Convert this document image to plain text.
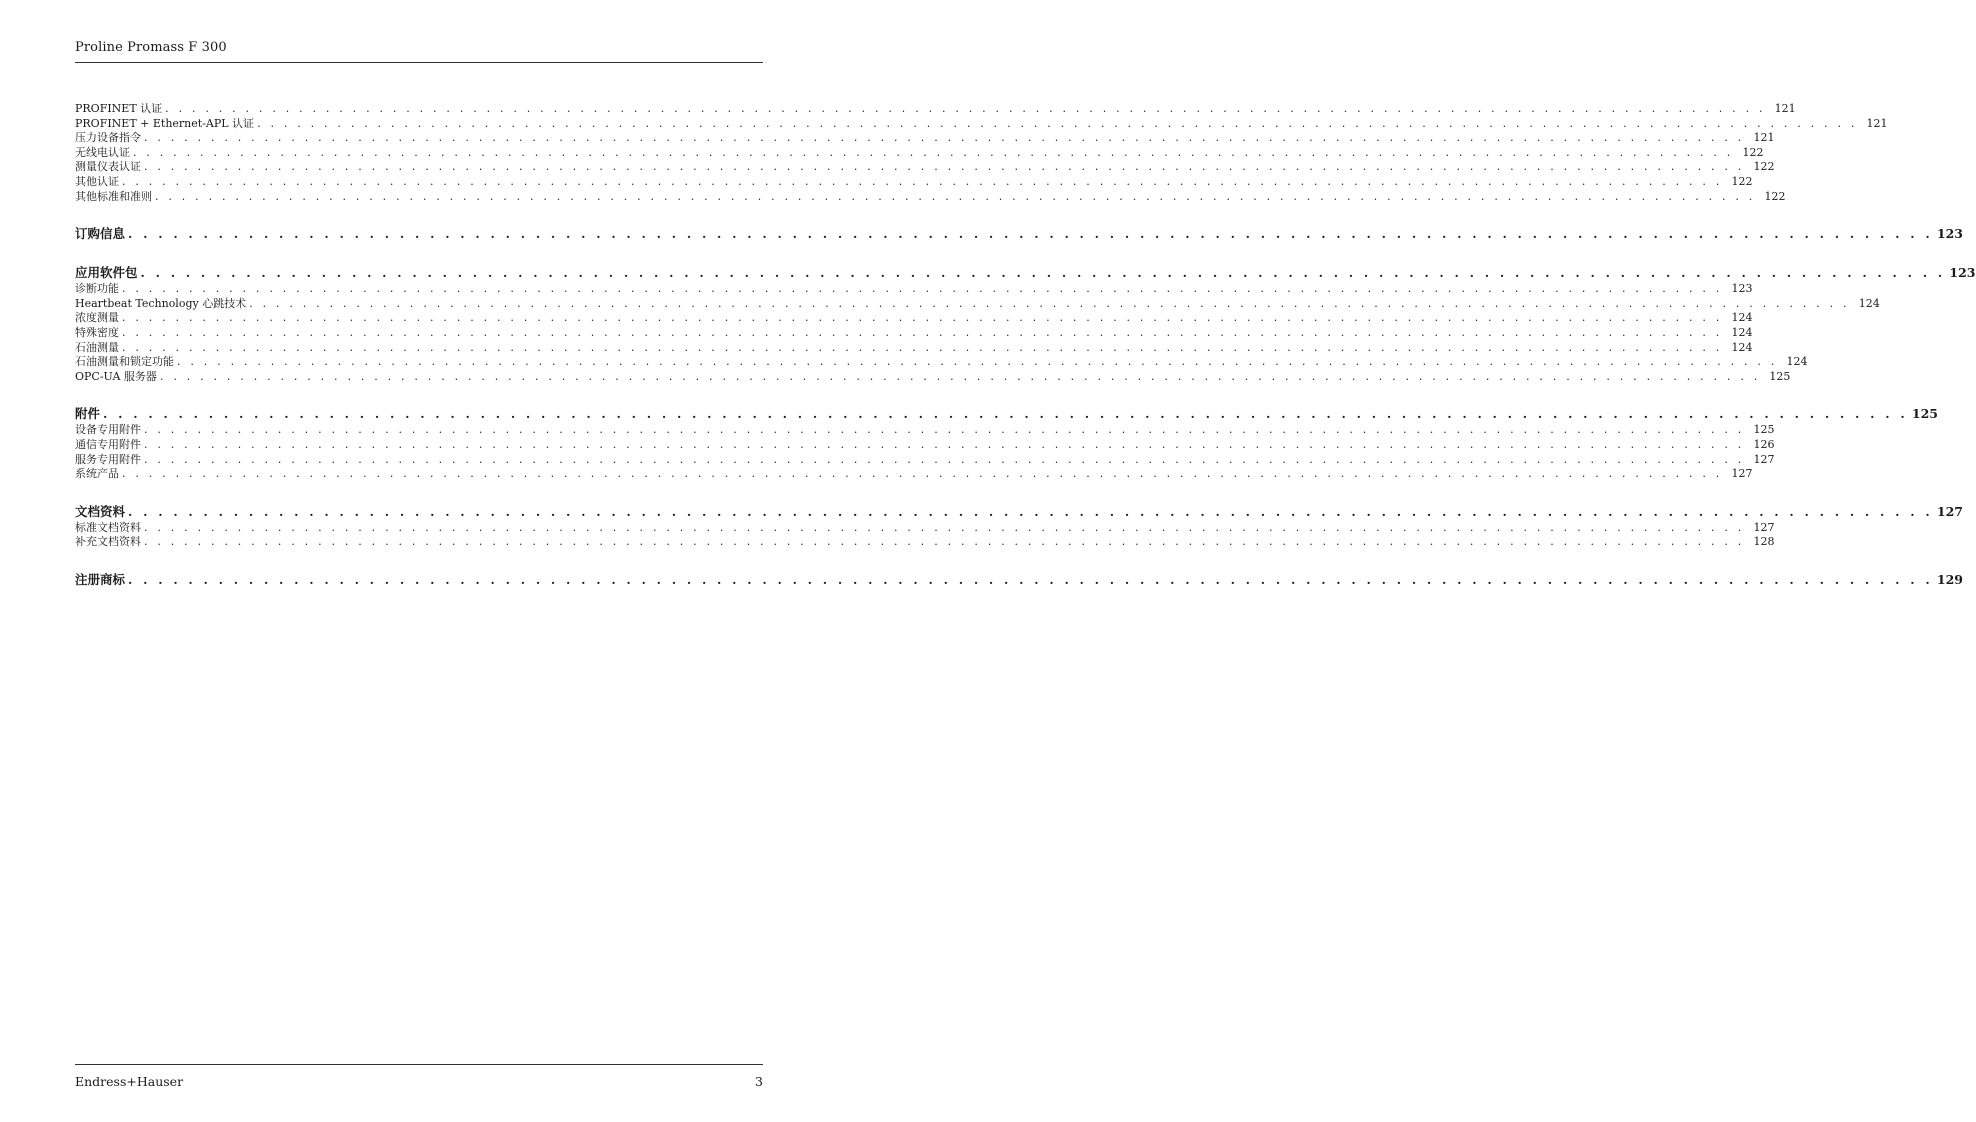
Proline Promass F 300
PROFINET 认证 . . . . . . . . . . . . . . . . . . . . . . . . . . . . . . . . . . . . . . . . . . . . . . . . . . . . . . . . . . . . . . . . . . . . . . . . . . . . . . . . . . . . . . . . . . . . . . . . . . . . . . . . . . . . . . . . . . . . . . . . 121
PROFINET + Ethernet-APL 认证 . . . . . . . . . . . . . . . . . . . . . . . . . . . . . . . . . . . . . . . . . . . . . . . . . . . . . . . . . . . . . . . . . . . . . . . . . . . . . . . . . . . . . . . . . . . . . . . . . . . . . . . . . . . . . . . . . . . . . . . . 121
压力设备指令 . . . . . . . . . . . . . . . . . . . . . . . . . . . . . . . . . . . . . . . . . . . . . . . . . . . . . . . . . . . . . . . . . . . . . . . . . . . . . . . . . . . . . . . . . . . . . . . . . . . . . . . . . . . . . . . . . . . . . . . . 121
无线电认证 . . . . . . . . . . . . . . . . . . . . . . . . . . . . . . . . . . . . . . . . . . . . . . . . . . . . . . . . . . . . . . . . . . . . . . . . . . . . . . . . . . . . . . . . . . . . . . . . . . . . . . . . . . . . . . . . . . . . . . . . 122
测量仪表认证 . . . . . . . . . . . . . . . . . . . . . . . . . . . . . . . . . . . . . . . . . . . . . . . . . . . . . . . . . . . . . . . . . . . . . . . . . . . . . . . . . . . . . . . . . . . . . . . . . . . . . . . . . . . . . . . . . . . . . . . . 122
其他认证 . . . . . . . . . . . . . . . . . . . . . . . . . . . . . . . . . . . . . . . . . . . . . . . . . . . . . . . . . . . . . . . . . . . . . . . . . . . . . . . . . . . . . . . . . . . . . . . . . . . . . . . . . . . . . . . . . . . . . . . . 122
其他标准和准则 . . . . . . . . . . . . . . . . . . . . . . . . . . . . . . . . . . . . . . . . . . . . . . . . . . . . . . . . . . . . . . . . . . . . . . . . . . . . . . . . . . . . . . . . . . . . . . . . . . . . . . . . . . . . . . . . . . . . . . . . 122
订购信息 . . . . . . . . . . . . . . . . . . . . . . . . . . . . . . . . . . . . . . . . . . . . . . . . . . . . . . . . . . . . . . . . . . . . . . . . . . . . . . . . . . . . . . . . . . . . . . . . . . . . . . . . . . . . . . . . . . . . . . . . 123
应用软件包 . . . . . . . . . . . . . . . . . . . . . . . . . . . . . . . . . . . . . . . . . . . . . . . . . . . . . . . . . . . . . . . . . . . . . . . . . . . . . . . . . . . . . . . . . . . . . . . . . . . . . . . . . . . . . . . . . . . . . . . . 123
诊断功能 . . . . . . . . . . . . . . . . . . . . . . . . . . . . . . . . . . . . . . . . . . . . . . . . . . . . . . . . . . . . . . . . . . . . . . . . . . . . . . . . . . . . . . . . . . . . . . . . . . . . . . . . . . . . . . . . . . . . . . . . 123
Heartbeat Technology 心跳技术 . . . . . . . . . . . . . . . . . . . . . . . . . . . . . . . . . . . . . . . . . . . . . . . . . . . . . . . . . . . . . . . . . . . . . . . . . . . . . . . . . . . . . . . . . . . . . . . . . . . . . . . . . . . . . . . . . . . . . . . . 124
浓度测量 . . . . . . . . . . . . . . . . . . . . . . . . . . . . . . . . . . . . . . . . . . . . . . . . . . . . . . . . . . . . . . . . . . . . . . . . . . . . . . . . . . . . . . . . . . . . . . . . . . . . . . . . . . . . . . . . . . . . . . . . 124
特殊密度 . . . . . . . . . . . . . . . . . . . . . . . . . . . . . . . . . . . . . . . . . . . . . . . . . . . . . . . . . . . . . . . . . . . . . . . . . . . . . . . . . . . . . . . . . . . . . . . . . . . . . . . . . . . . . . . . . . . . . . . . 124
石油测量 . . . . . . . . . . . . . . . . . . . . . . . . . . . . . . . . . . . . . . . . . . . . . . . . . . . . . . . . . . . . . . . . . . . . . . . . . . . . . . . . . . . . . . . . . . . . . . . . . . . . . . . . . . . . . . . . . . . . . . . . 124
石油测量和锁定功能 . . . . . . . . . . . . . . . . . . . . . . . . . . . . . . . . . . . . . . . . . . . . . . . . . . . . . . . . . . . . . . . . . . . . . . . . . . . . . . . . . . . . . . . . . . . . . . . . . . . . . . . . . . . . . . . . . . . . . . . . 124
OPC-UA 服务器 . . . . . . . . . . . . . . . . . . . . . . . . . . . . . . . . . . . . . . . . . . . . . . . . . . . . . . . . . . . . . . . . . . . . . . . . . . . . . . . . . . . . . . . . . . . . . . . . . . . . . . . . . . . . . . . . . . . . . . . . 125
附件 . . . . . . . . . . . . . . . . . . . . . . . . . . . . . . . . . . . . . . . . . . . . . . . . . . . . . . . . . . . . . . . . . . . . . . . . . . . . . . . . . . . . . . . . . . . . . . . . . . . . . . . . . . . . . . . . . . . . . . . . 125
设备专用附件 . . . . . . . . . . . . . . . . . . . . . . . . . . . . . . . . . . . . . . . . . . . . . . . . . . . . . . . . . . . . . . . . . . . . . . . . . . . . . . . . . . . . . . . . . . . . . . . . . . . . . . . . . . . . . . . . . . . . . . . . 125
通信专用附件 . . . . . . . . . . . . . . . . . . . . . . . . . . . . . . . . . . . . . . . . . . . . . . . . . . . . . . . . . . . . . . . . . . . . . . . . . . . . . . . . . . . . . . . . . . . . . . . . . . . . . . . . . . . . . . . . . . . . . . . . 126
服务专用附件 . . . . . . . . . . . . . . . . . . . . . . . . . . . . . . . . . . . . . . . . . . . . . . . . . . . . . . . . . . . . . . . . . . . . . . . . . . . . . . . . . . . . . . . . . . . . . . . . . . . . . . . . . . . . . . . . . . . . . . . . 127
系统产品 . . . . . . . . . . . . . . . . . . . . . . . . . . . . . . . . . . . . . . . . . . . . . . . . . . . . . . . . . . . . . . . . . . . . . . . . . . . . . . . . . . . . . . . . . . . . . . . . . . . . . . . . . . . . . . . . . . . . . . . . 127
文档资料 . . . . . . . . . . . . . . . . . . . . . . . . . . . . . . . . . . . . . . . . . . . . . . . . . . . . . . . . . . . . . . . . . . . . . . . . . . . . . . . . . . . . . . . . . . . . . . . . . . . . . . . . . . . . . . . . . . . . . . . . 127
标准文档资料 . . . . . . . . . . . . . . . . . . . . . . . . . . . . . . . . . . . . . . . . . . . . . . . . . . . . . . . . . . . . . . . . . . . . . . . . . . . . . . . . . . . . . . . . . . . . . . . . . . . . . . . . . . . . . . . . . . . . . . . . 127
补充文档资料 . . . . . . . . . . . . . . . . . . . . . . . . . . . . . . . . . . . . . . . . . . . . . . . . . . . . . . . . . . . . . . . . . . . . . . . . . . . . . . . . . . . . . . . . . . . . . . . . . . . . . . . . . . . . . . . . . . . . . . . . 128
注册商标 . . . . . . . . . . . . . . . . . . . . . . . . . . . . . . . . . . . . . . . . . . . . . . . . . . . . . . . . . . . . . . . . . . . . . . . . . . . . . . . . . . . . . . . . . . . . . . . . . . . . . . . . . . . . . . . . . . . . . . . . 129
Endress+Hauser	3
